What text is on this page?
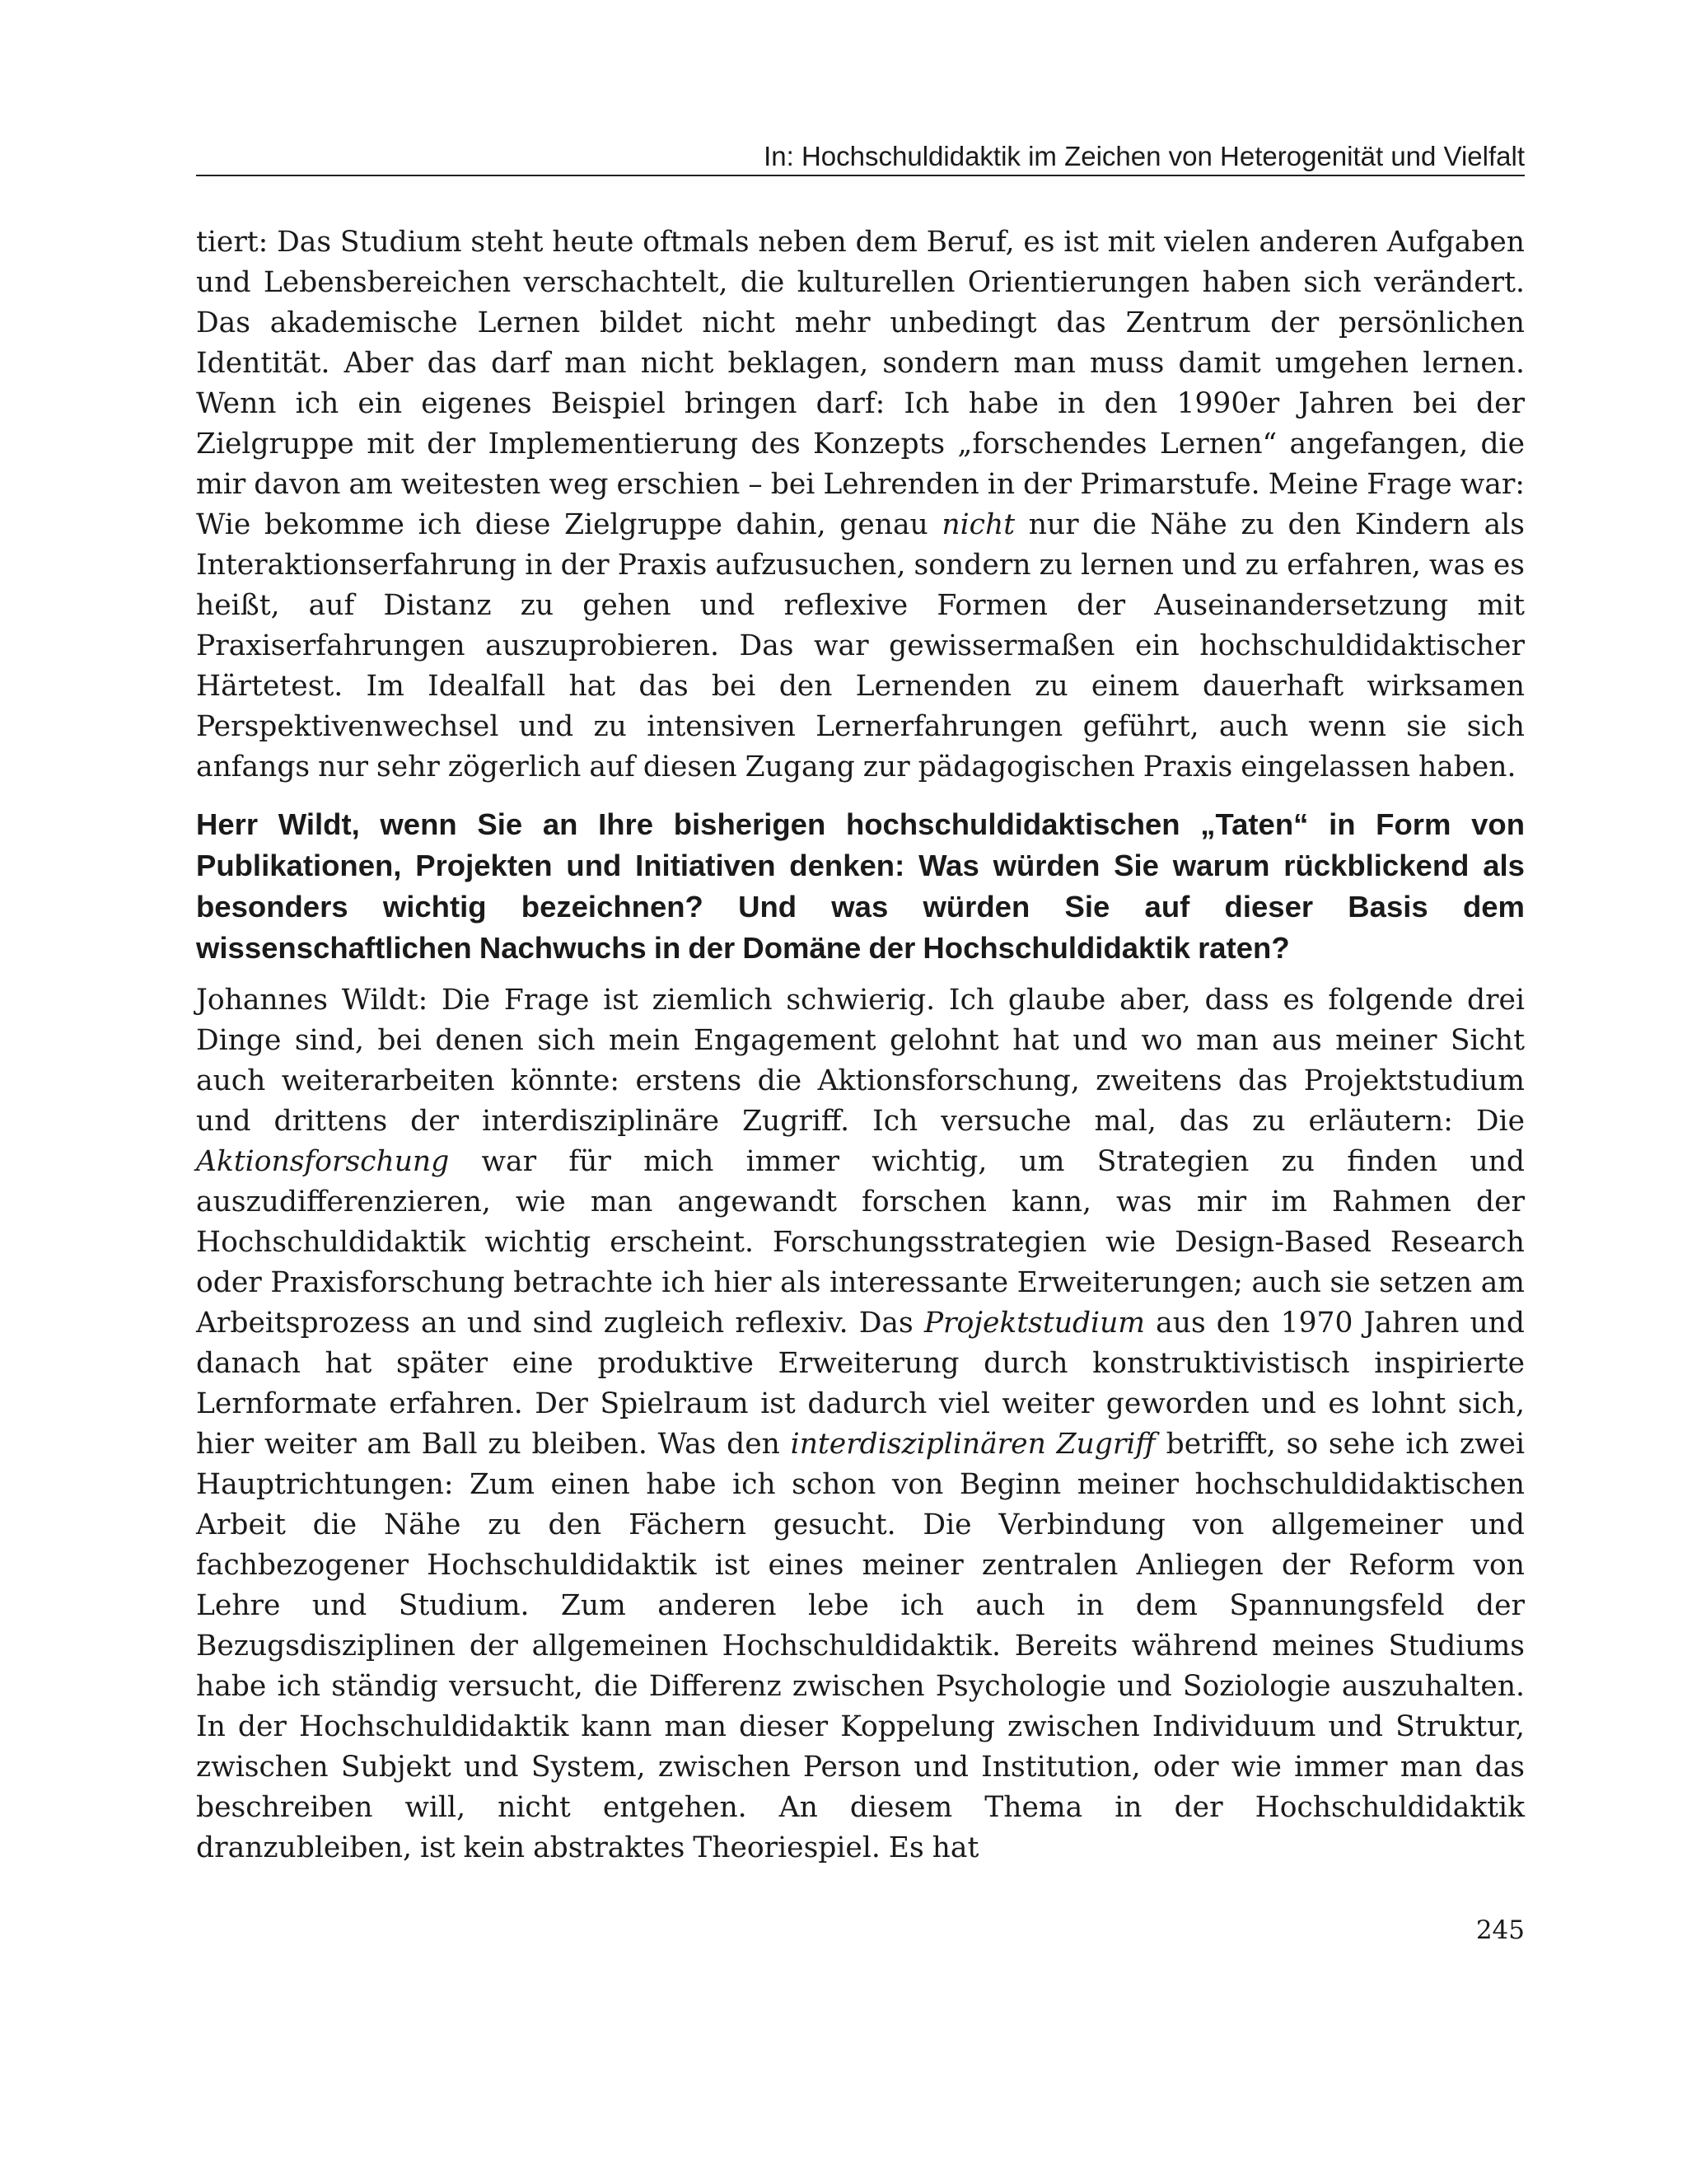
In: Hochschuldidaktik im Zeichen von Heterogenität und Vielfalt

tiert: Das Studium steht heute oftmals neben dem Beruf, es ist mit vielen anderen Aufgaben und Lebensbereichen verschachtelt, die kulturellen Orientierungen haben sich verändert. Das akademische Lernen bildet nicht mehr unbedingt das Zentrum der persönlichen Identität. Aber das darf man nicht beklagen, sondern man muss damit umgehen lernen. Wenn ich ein eigenes Beispiel bringen darf: Ich habe in den 1990er Jahren bei der Zielgruppe mit der Implementierung des Konzepts „forschendes Lernen“ angefangen, die mir davon am weitesten weg erschien – bei Lehrenden in der Primarstufe. Meine Frage war: Wie bekomme ich diese Zielgruppe dahin, genau nicht nur die Nähe zu den Kindern als Interaktionserfahrung in der Praxis aufzusuchen, sondern zu lernen und zu erfahren, was es heißt, auf Distanz zu gehen und reflexive Formen der Auseinandersetzung mit Praxiserfahrungen auszuprobieren. Das war gewissermaßen ein hochschuldidaktischer Härtetest. Im Idealfall hat das bei den Lernenden zu einem dauerhaft wirksamen Perspektivenwechsel und zu intensiven Lernerfahrungen geführt, auch wenn sie sich anfangs nur sehr zögerlich auf diesen Zugang zur pädagogischen Praxis eingelassen haben.

Herr Wildt, wenn Sie an Ihre bisherigen hochschuldidaktischen „Taten“ in Form von Publikationen, Projekten und Initiativen denken: Was würden Sie warum rückblickend als besonders wichtig bezeichnen? Und was würden Sie auf dieser Basis dem wissenschaftlichen Nachwuchs in der Domäne der Hochschuldidaktik raten?

Johannes Wildt: Die Frage ist ziemlich schwierig. Ich glaube aber, dass es folgende drei Dinge sind, bei denen sich mein Engagement gelohnt hat und wo man aus meiner Sicht auch weiterarbeiten könnte: erstens die Aktionsforschung, zweitens das Projektstudium und drittens der interdisziplinäre Zugriff. Ich versuche mal, das zu erläutern: Die Aktionsforschung war für mich immer wichtig, um Strategien zu finden und auszudifferenzieren, wie man angewandt forschen kann, was mir im Rahmen der Hochschuldidaktik wichtig erscheint. Forschungsstrategien wie Design-Based Research oder Praxisforschung betrachte ich hier als interessante Erweiterungen; auch sie setzen am Arbeitsprozess an und sind zugleich reflexiv. Das Projektstudium aus den 1970 Jahren und danach hat später eine produktive Erweiterung durch konstruktivistisch inspirierte Lernformate erfahren. Der Spielraum ist dadurch viel weiter geworden und es lohnt sich, hier weiter am Ball zu bleiben. Was den interdisziplinären Zugriff betrifft, so sehe ich zwei Hauptrichtungen: Zum einen habe ich schon von Beginn meiner hochschuldidaktischen Arbeit die Nähe zu den Fächern gesucht. Die Verbindung von allgemeiner und fachbezogener Hochschuldidaktik ist eines meiner zentralen Anliegen der Reform von Lehre und Studium. Zum anderen lebe ich auch in dem Spannungsfeld der Bezugsdisziplinen der allgemeinen Hochschuldidaktik. Bereits während meines Studiums habe ich ständig versucht, die Differenz zwischen Psychologie und Soziologie auszuhalten. In der Hochschuldidaktik kann man dieser Koppelung zwischen Individuum und Struktur, zwischen Subjekt und System, zwischen Person und Institution, oder wie immer man das beschreiben will, nicht entgehen. An diesem Thema in der Hochschuldidaktik dranzubleiben, ist kein abstraktes Theoriespiel. Es hat

245
